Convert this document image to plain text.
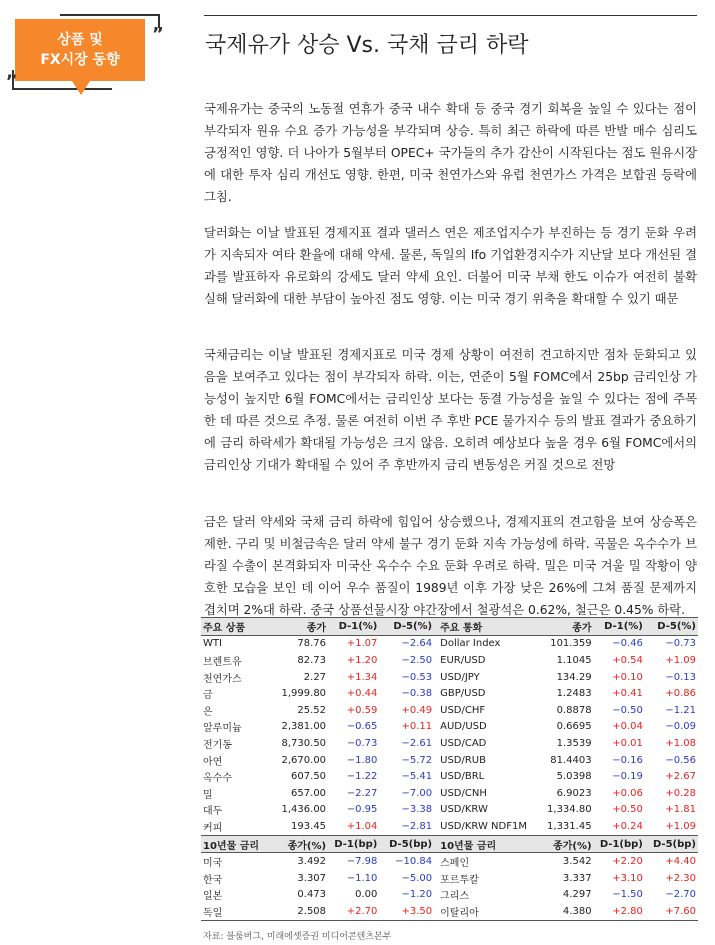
상품 및
FX시장 동향
”
„
국제유가 상승 Vs. 국채 금리 하락

국제유가는 중국의 노동절 연휴가 중국 내수 확대 등 중국 경기 회복을 높일 수 있다는 점이 부각되자 원유 수요 증가 가능성을 부각되며 상승. 특히 최근 하락에 따른 반발 매수 심리도 긍정적인 영향. 더 나아가 5월부터 OPEC+ 국가들의 추가 감산이 시작된다는 점도 원유시장에 대한 투자 심리 개선도 영향. 한편, 미국 천연가스와 유럽 천연가스 가격은 보합권 등락에 그침.

달러화는 이날 발표된 경제지표 결과 댈러스 연은 제조업지수가 부진하는 등 경기 둔화 우려가 지속되자 여타 환율에 대해 약세. 물론, 독일의 Ifo 기업환경지수가 지난달 보다 개선된 결과를 발표하자 유로화의 강세도 달러 약세 요인. 더불어 미국 부채 한도 이슈가 여전히 불확실해 달러화에 대한 부담이 높아진 점도 영향. 이는 미국 경기 위축을 확대할 수 있기 때문

국채금리는 이날 발표된 경제지표로 미국 경제 상황이 여전히 견고하지만 점차 둔화되고 있음을 보여주고 있다는 점이 부각되자 하락. 이는, 연준이 5월 FOMC에서 25bp 금리인상 가능성이 높지만 6월 FOMC에서는 금리인상 보다는 동결 가능성을 높일 수 있다는 점에 주목한 데 따른 것으로 추정. 물론 여전히 이번 주 후반 PCE 물가지수 등의 발표 결과가 중요하기에 금리 하락세가 확대될 가능성은 크지 않음. 오히려 예상보다 높을 경우 6월 FOMC에서의 금리인상 기대가 확대될 수 있어 주 후반까지 금리 변동성은 커질 것으로 전망

금은 달러 약세와 국채 금리 하락에 힘입어 상승했으나, 경제지표의 견고함을 보여 상승폭은 제한. 구리 및 비철금속은 달러 약세 불구 경기 둔화 지속 가능성에 하락. 곡물은 옥수수가 브라질 수출이 본격화되자 미국산 옥수수 수요 둔화 우려로 하락. 밀은 미국 겨울 밀 작황이 양호한 모습을 보인 데 이어 우수 품질이 1989년 이후 가장 낮은 26%에 그쳐 품질 문제까지 겹치며 2%대 하락. 중국 상품선물시장 야간장에서 철광석은 0.62%, 철근은 0.45% 하락.

주요 상품	종가	D-1(%)	D-5(%)	주요 통화	종가	D-1(%)	D-5(%)
WTI	78.76	+1.07	−2.64	Dollar Index	101.359	−0.46	−0.73
브렌트유	82.73	+1.20	−2.50	EUR/USD	1.1045	+0.54	+1.09
천연가스	2.27	+1.34	−0.53	USD/JPY	134.29	+0.10	−0.13
금	1,999.80	+0.44	−0.38	GBP/USD	1.2483	+0.41	+0.86
은	25.52	+0.59	+0.49	USD/CHF	0.8878	−0.50	−1.21
알루미늄	2,381.00	−0.65	+0.11	AUD/USD	0.6695	+0.04	−0.09
전기동	8,730.50	−0.73	−2.61	USD/CAD	1.3539	+0.01	+1.08
아연	2,670.00	−1.80	−5.72	USD/RUB	81.4403	−0.16	−0.56
옥수수	607.50	−1.22	−5.41	USD/BRL	5.0398	−0.19	+2.67
밀	657.00	−2.27	−7.00	USD/CNH	6.9023	+0.06	+0.28
대두	1,436.00	−0.95	−3.38	USD/KRW	1,334.80	+0.50	+1.81
커피	193.45	+1.04	−2.81	USD/KRW NDF1M	1,331.45	+0.24	+1.09
10년물 금리	종가(%)	D-1(bp)	D-5(bp)	10년물 금리	종가(%)	D-1(bp)	D-5(bp)
미국	3.492	−7.98	−10.84	스페인	3.542	+2.20	+4.40
한국	3.307	−1.10	−5.00	포르투칼	3.337	+3.10	+2.30
일본	0.473	0.00	−1.20	그리스	4.297	−1.50	−2.70
독일	2.508	+2.70	+3.50	이탈리아	4.380	+2.80	+7.60
자료: 블룸버그, 미래에셋증권 미디어콘텐츠본부
